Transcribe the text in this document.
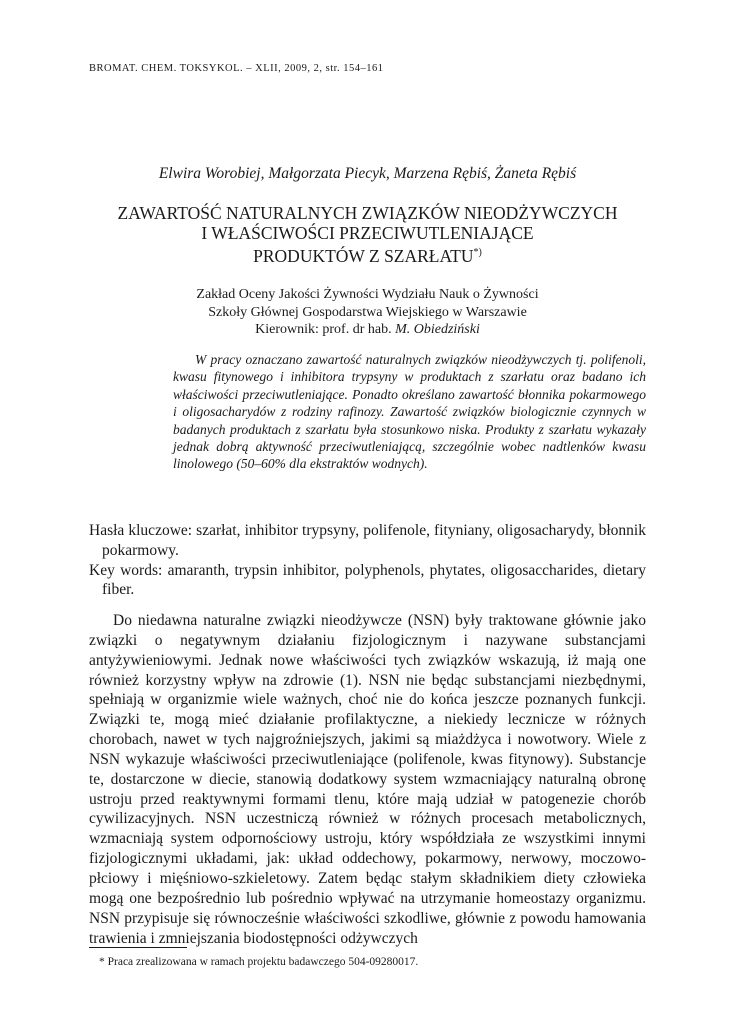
BROMAT. CHEM. TOKSYKOL. – XLII, 2009, 2, str. 154–161
Elwira Worobiej, Małgorzata Piecyk, Marzena Rębiś, Żaneta Rębiś
ZAWARTOŚĆ NATURALNYCH ZWIĄZKÓW NIEODŻYWCZYCH
I WŁAŚCIWOŚCI PRZECIWUTLENIAJĄCE
PRODUKTÓW Z SZARŁATU*)
Zakład Oceny Jakości Żywności Wydziału Nauk o Żywności
Szkoły Głównej Gospodarstwa Wiejskiego w Warszawie
Kierownik: prof. dr hab. M. Obiedziński
W pracy oznaczano zawartość naturalnych związków nieodżywczych tj. polifenoli, kwasu fitynowego i inhibitora trypsyny w produktach z szarłatu oraz badano ich właściwości przeciwutleniające. Ponadto określano zawartość błonnika pokarmowego i oligosacharydów z rodziny rafinozy. Zawartość związków biologicznie czynnych w badanych produktach z szarłatu była stosunkowo niska. Produkty z szarłatu wykazały jednak dobrą aktywność przeciwutleniającą, szczególnie wobec nadtlenków kwasu linolowego (50–60% dla ekstraktów wodnych).

Hasła kluczowe: szarłat, inhibitor trypsyny, polifenole, fityniany, oligosacharydy, błonnik pokarmowy.

Key words: amaranth, trypsin inhibitor, polyphenols, phytates, oligosaccharides, dietary fiber.

Do niedawna naturalne związki nieodżywcze (NSN) były traktowane głównie jako związki o negatywnym działaniu fizjologicznym i nazywane substancjami antyżywieniowymi. Jednak nowe właściwości tych związków wskazują, iż mają one również korzystny wpływ na zdrowie (1). NSN nie będąc substancjami niezbędnymi, spełniają w organizmie wiele ważnych, choć nie do końca jeszcze poznanych funkcji. Związki te, mogą mieć działanie profilaktyczne, a niekiedy lecznicze w różnych chorobach, nawet w tych najgroźniejszych, jakimi są miażdżyca i nowotwory. Wiele z NSN wykazuje właściwości przeciwutleniające (polifenole, kwas fitynowy). Substancje te, dostarczone w diecie, stanowią dodatkowy system wzmacniający naturalną obronę ustroju przed reaktywnymi formami tlenu, które mają udział w patogenezie chorób cywilizacyjnych. NSN uczestniczą również w różnych procesach metabolicznych, wzmacniają system odpornościowy ustroju, który współdziała ze wszystkimi innymi fizjologicznymi układami, jak: układ oddechowy, pokarmowy, nerwowy, moczowo-płciowy i mięśniowo-szkieletowy. Zatem będąc stałym składnikiem diety człowieka mogą one bezpośrednio lub pośrednio wpływać na utrzymanie homeostazy organizmu. NSN przypisuje się równocześnie właściwości szkodliwe, głównie z powodu hamowania trawienia i zmniejszania biodostępności odżywczych
* Praca zrealizowana w ramach projektu badawczego 504-09280017.
